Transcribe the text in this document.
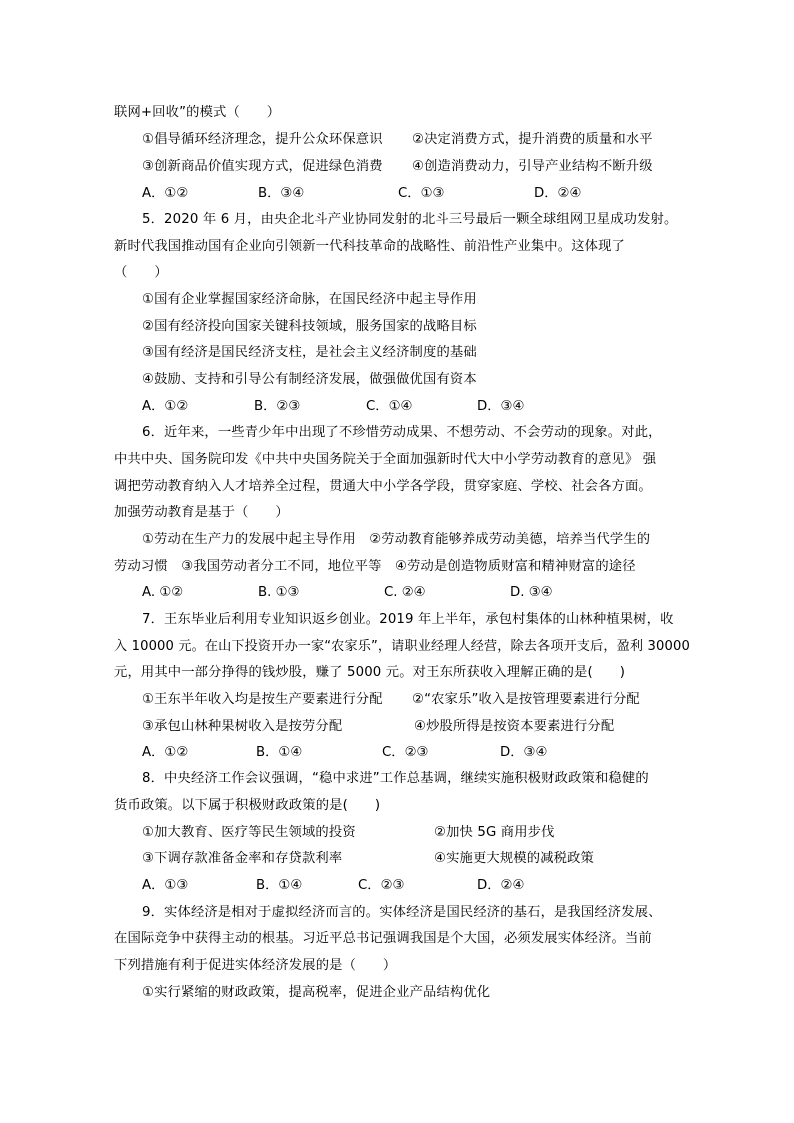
联网+回收”的模式（　　）
①倡导循环经济理念，提升公众环保意识 ②决定消费方式，提升消费的质量和水平
③创新商品价值实现方式，促进绿色消费 ④创造消费动力，引导产业结构不断升级
A．①②	B．③④	C．①③	D．②④
5．2020 年 6 月，由央企北斗产业协同发射的北斗三号最后一颗全球组网卫星成功发射。
新时代我国推动国有企业向引领新一代科技革命的战略性、前沿性产业集中。这体现了
（　　）
①国有企业掌握国家经济命脉，在国民经济中起主导作用
②国有经济投向国家关键科技领域，服务国家的战略目标
③国有经济是国民经济支柱，是社会主义经济制度的基础
④鼓励、支持和引导公有制经济发展，做强做优国有资本
A．①②	B．②③	C．①④	D．③④
6．近年来，一些青少年中出现了不珍惜劳动成果、不想劳动、不会劳动的现象。对此，
中共中央、国务院印发《中共中央国务院关于全面加强新时代大中小学劳动教育的意见》 强
调把劳动教育纳入人才培养全过程，贯通大中小学各学段，贯穿家庭、学校、社会各方面。
加强劳动教育是基于（　　）
①劳动在生产力的发展中起主导作用　②劳动教育能够养成劳动美德，培养当代学生的
劳动习惯　③我国劳动者分工不同，地位平等　④劳动是创造物质财富和精神财富的途径
A. ①②	B. ①③	C. ②④	D. ③④
7．王东毕业后利用专业知识返乡创业。2019 年上半年，承包村集体的山林种植果树，收
入 10000 元。在山下投资开办一家“农家乐”，请职业经理人经营，除去各项开支后，盈利 30000
元，用其中一部分挣得的钱炒股，赚了 5000 元。对王东所获收入理解正确的是(　　)
①王东半年收入均是按生产要素进行分配 ②“农家乐”收入是按管理要素进行分配
③承包山林种果树收入是按劳分配	④炒股所得是按资本要素进行分配
A．①②	B．①④	C．②③	D．③④
8．中央经济工作会议强调，“稳中求进”工作总基调，继续实施积极财政政策和稳健的
货币政策。以下属于积极财政政策的是(　　)
①加大教育、医疗等民生领域的投资	②加快 5G 商用步伐
③下调存款准备金率和存贷款利率	④实施更大规模的减税政策
A．①③	B．①④	C．②③	D．②④
9．实体经济是相对于虚拟经济而言的。实体经济是国民经济的基石，是我国经济发展、
在国际竞争中获得主动的根基。习近平总书记强调我国是个大国，必须发展实体经济。当前
下列措施有利于促进实体经济发展的是（　　）
①实行紧缩的财政政策，提高税率，促进企业产品结构优化
